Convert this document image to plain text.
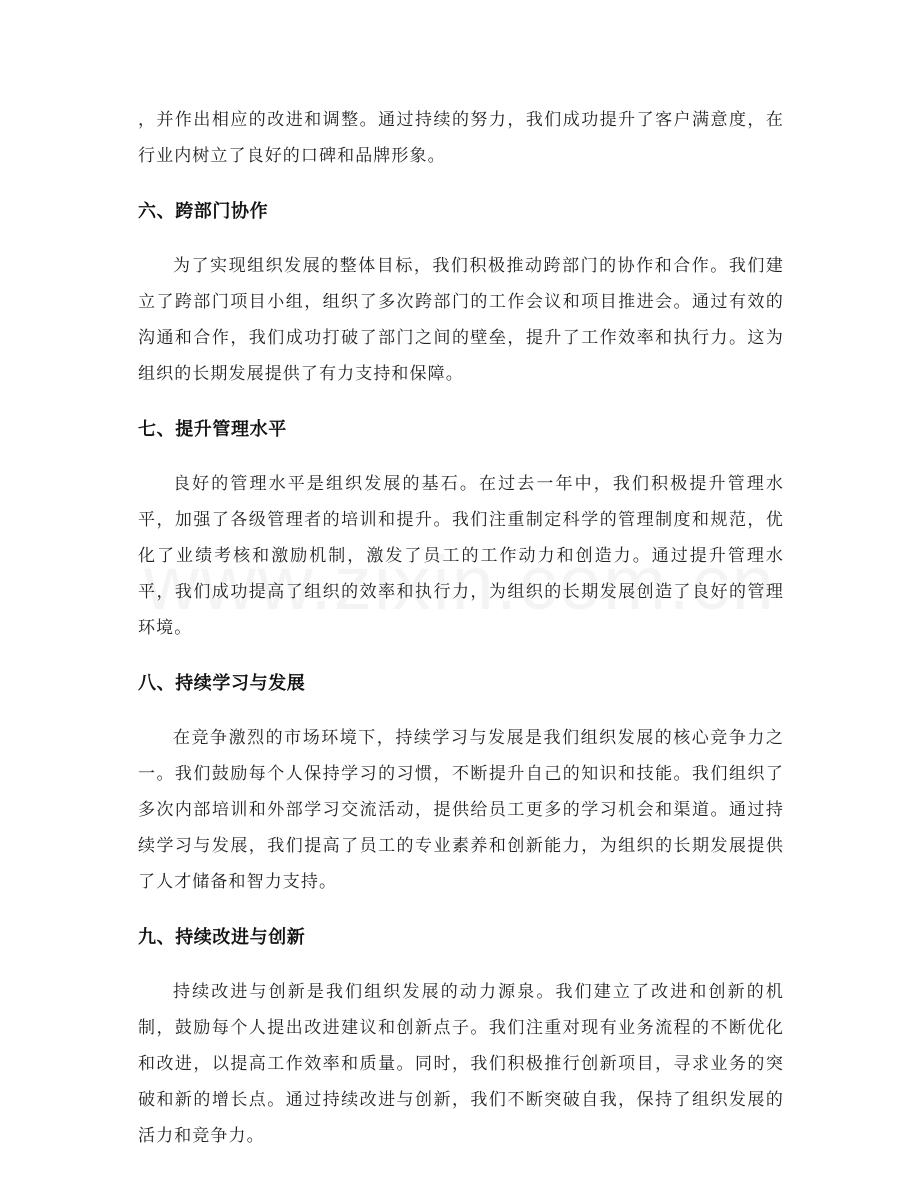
，并作出相应的改进和调整。通过持续的努力，我们成功提升了客户满意度，在行业内树立了良好的口碑和品牌形象。

六、跨部门协作

为了实现组织发展的整体目标，我们积极推动跨部门的协作和合作。我们建立了跨部门项目小组，组织了多次跨部门的工作会议和项目推进会。通过有效的沟通和合作，我们成功打破了部门之间的壁垒，提升了工作效率和执行力。这为组织的长期发展提供了有力支持和保障。

七、提升管理水平

良好的管理水平是组织发展的基石。在过去一年中，我们积极提升管理水平，加强了各级管理者的培训和提升。我们注重制定科学的管理制度和规范，优化了业绩考核和激励机制，激发了员工的工作动力和创造力。通过提升管理水平，我们成功提高了组织的效率和执行力，为组织的长期发展创造了良好的管理环境。

八、持续学习与发展

在竞争激烈的市场环境下，持续学习与发展是我们组织发展的核心竞争力之一。我们鼓励每个人保持学习的习惯，不断提升自己的知识和技能。我们组织了多次内部培训和外部学习交流活动，提供给员工更多的学习机会和渠道。通过持续学习与发展，我们提高了员工的专业素养和创新能力，为组织的长期发展提供了人才储备和智力支持。

九、持续改进与创新

持续改进与创新是我们组织发展的动力源泉。我们建立了改进和创新的机制，鼓励每个人提出改进建议和创新点子。我们注重对现有业务流程的不断优化和改进，以提高工作效率和质量。同时，我们积极推行创新项目，寻求业务的突破和新的增长点。通过持续改进与创新，我们不断突破自我，保持了组织发展的活力和竞争力。
